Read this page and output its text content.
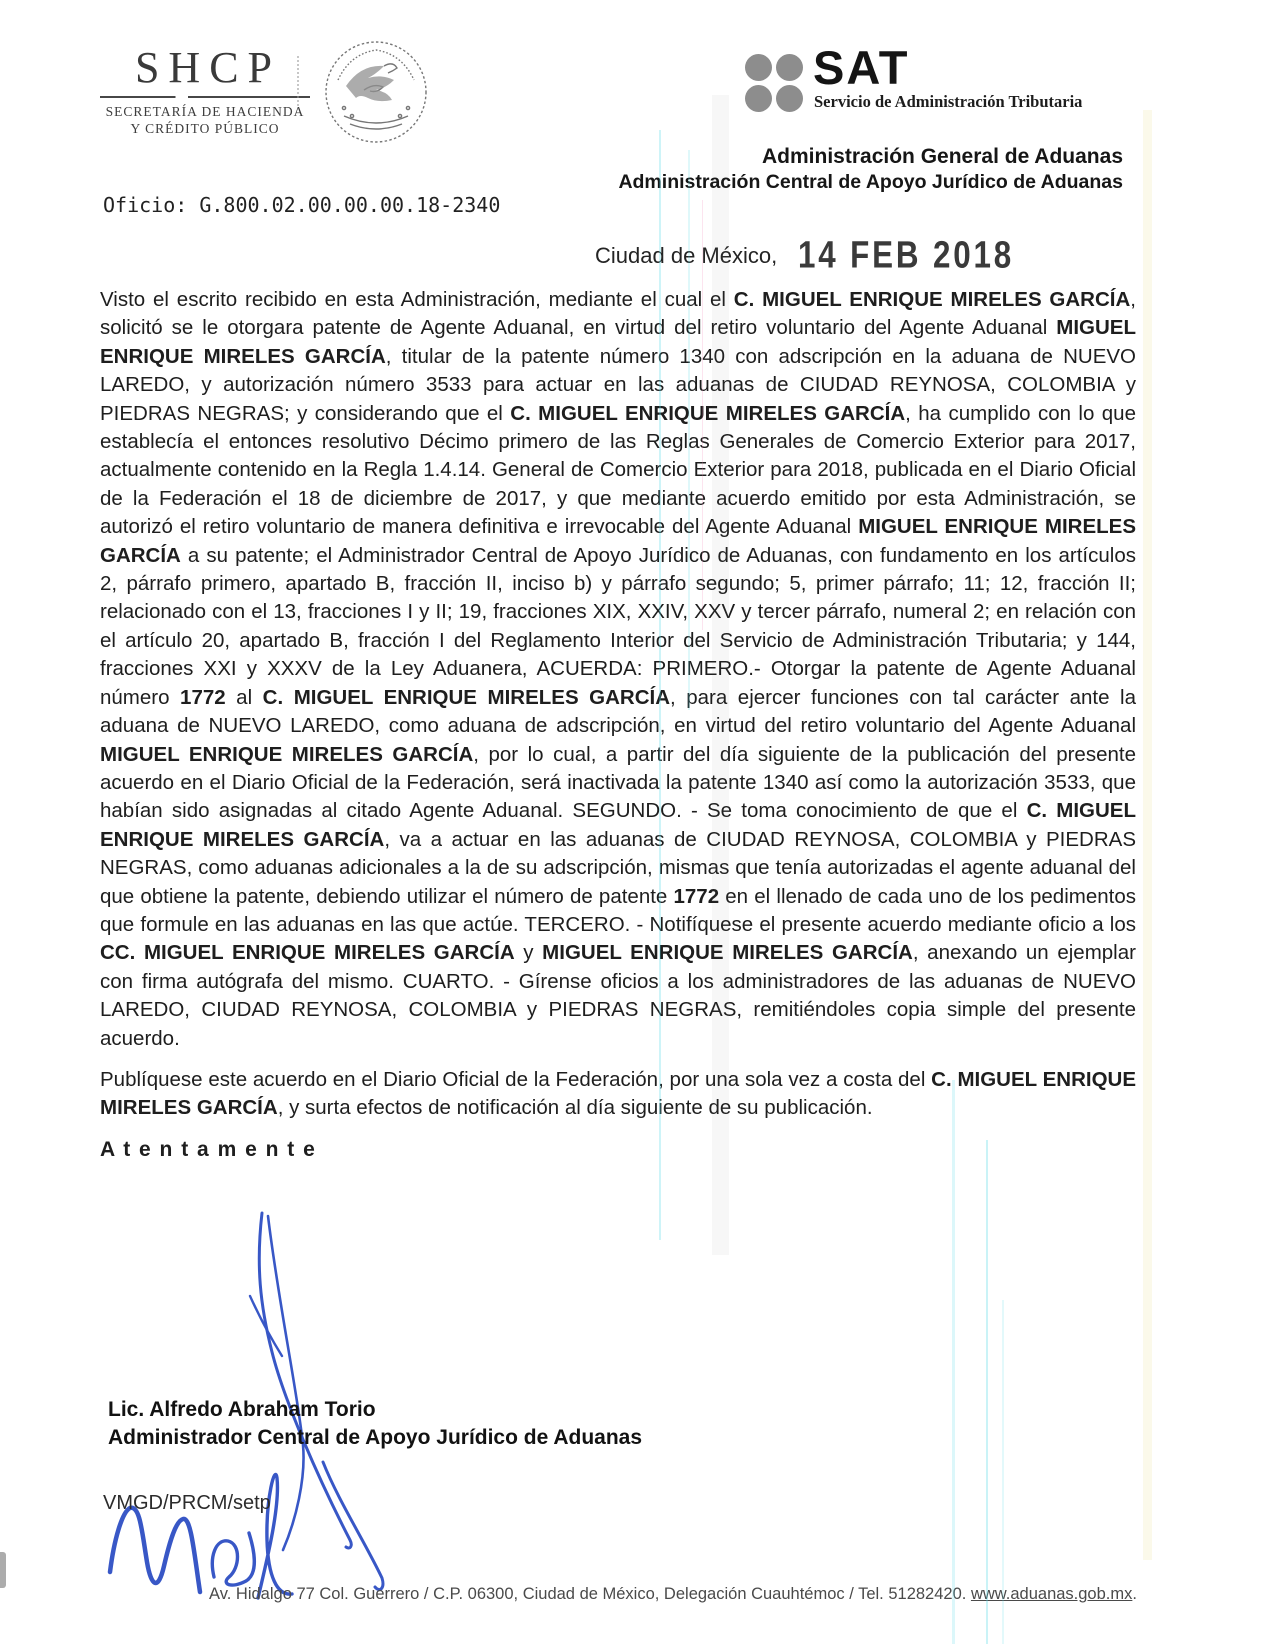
SHCP
SECRETARÍA DE HACIENDA
Y CRÉDITO PÚBLICO
SAT
Servicio de Administración Tributaria
Administración General de Aduanas
Administración Central de Apoyo Jurídico de Aduanas
Oficio: G.800.02.00.00.00.18-2340
Ciudad de México, 14 FEB 2018

Visto el escrito recibido en esta Administración, mediante el cual el C. MIGUEL ENRIQUE MIRELES GARCÍA, solicitó se le otorgara patente de Agente Aduanal, en virtud del retiro voluntario del Agente Aduanal MIGUEL ENRIQUE MIRELES GARCÍA, titular de la patente número 1340 con adscripción en la aduana de NUEVO LAREDO, y autorización número 3533 para actuar en las aduanas de CIUDAD REYNOSA, COLOMBIA y PIEDRAS NEGRAS; y considerando que el C. MIGUEL ENRIQUE MIRELES GARCÍA, ha cumplido con lo que establecía el entonces resolutivo Décimo primero de las Reglas Generales de Comercio Exterior para 2017, actualmente contenido en la Regla 1.4.14. General de Comercio Exterior para 2018, publicada en el Diario Oficial de la Federación el 18 de diciembre de 2017, y que mediante acuerdo emitido por esta Administración, se autorizó el retiro voluntario de manera definitiva e irrevocable del Agente Aduanal MIGUEL ENRIQUE MIRELES GARCÍA a su patente; el Administrador Central de Apoyo Jurídico de Aduanas, con fundamento en los artículos 2, párrafo primero, apartado B, fracción II, inciso b) y párrafo segundo; 5, primer párrafo; 11; 12, fracción II; relacionado con el 13, fracciones I y II; 19, fracciones XIX, XXIV, XXV y tercer párrafo, numeral 2; en relación con el artículo 20, apartado B, fracción I del Reglamento Interior del Servicio de Administración Tributaria; y 144, fracciones XXI y XXXV de la Ley Aduanera, ACUERDA: PRIMERO.- Otorgar la patente de Agente Aduanal número 1772 al C. MIGUEL ENRIQUE MIRELES GARCÍA, para ejercer funciones con tal carácter ante la aduana de NUEVO LAREDO, como aduana de adscripción, en virtud del retiro voluntario del Agente Aduanal MIGUEL ENRIQUE MIRELES GARCÍA, por lo cual, a partir del día siguiente de la publicación del presente acuerdo en el Diario Oficial de la Federación, será inactivada la patente 1340 así como la autorización 3533, que habían sido asignadas al citado Agente Aduanal. SEGUNDO. - Se toma conocimiento de que el C. MIGUEL ENRIQUE MIRELES GARCÍA, va a actuar en las aduanas de CIUDAD REYNOSA, COLOMBIA y PIEDRAS NEGRAS, como aduanas adicionales a la de su adscripción, mismas que tenía autorizadas el agente aduanal del que obtiene la patente, debiendo utilizar el número de patente 1772 en el llenado de cada uno de los pedimentos que formule en las aduanas en las que actúe. TERCERO. - Notifíquese el presente acuerdo mediante oficio a los CC. MIGUEL ENRIQUE MIRELES GARCÍA y MIGUEL ENRIQUE MIRELES GARCÍA, anexando un ejemplar con firma autógrafa del mismo. CUARTO. - Gírense oficios a los administradores de las aduanas de NUEVO LAREDO, CIUDAD REYNOSA, COLOMBIA y PIEDRAS NEGRAS, remitiéndoles copia simple del presente acuerdo.

Publíquese este acuerdo en el Diario Oficial de la Federación, por una sola vez a costa del C. MIGUEL ENRIQUE MIRELES GARCÍA, y surta efectos de notificación al día siguiente de su publicación.

A t e n t a m e n t e

Lic. Alfredo Abraham Torio
Administrador Central de Apoyo Jurídico de Aduanas
VMGD/PRCM/setp
Av. Hidalgo 77 Col. Guerrero / C.P. 06300, Ciudad de México, Delegación Cuauhtémoc / Tel. 51282420. www.aduanas.gob.mx.
